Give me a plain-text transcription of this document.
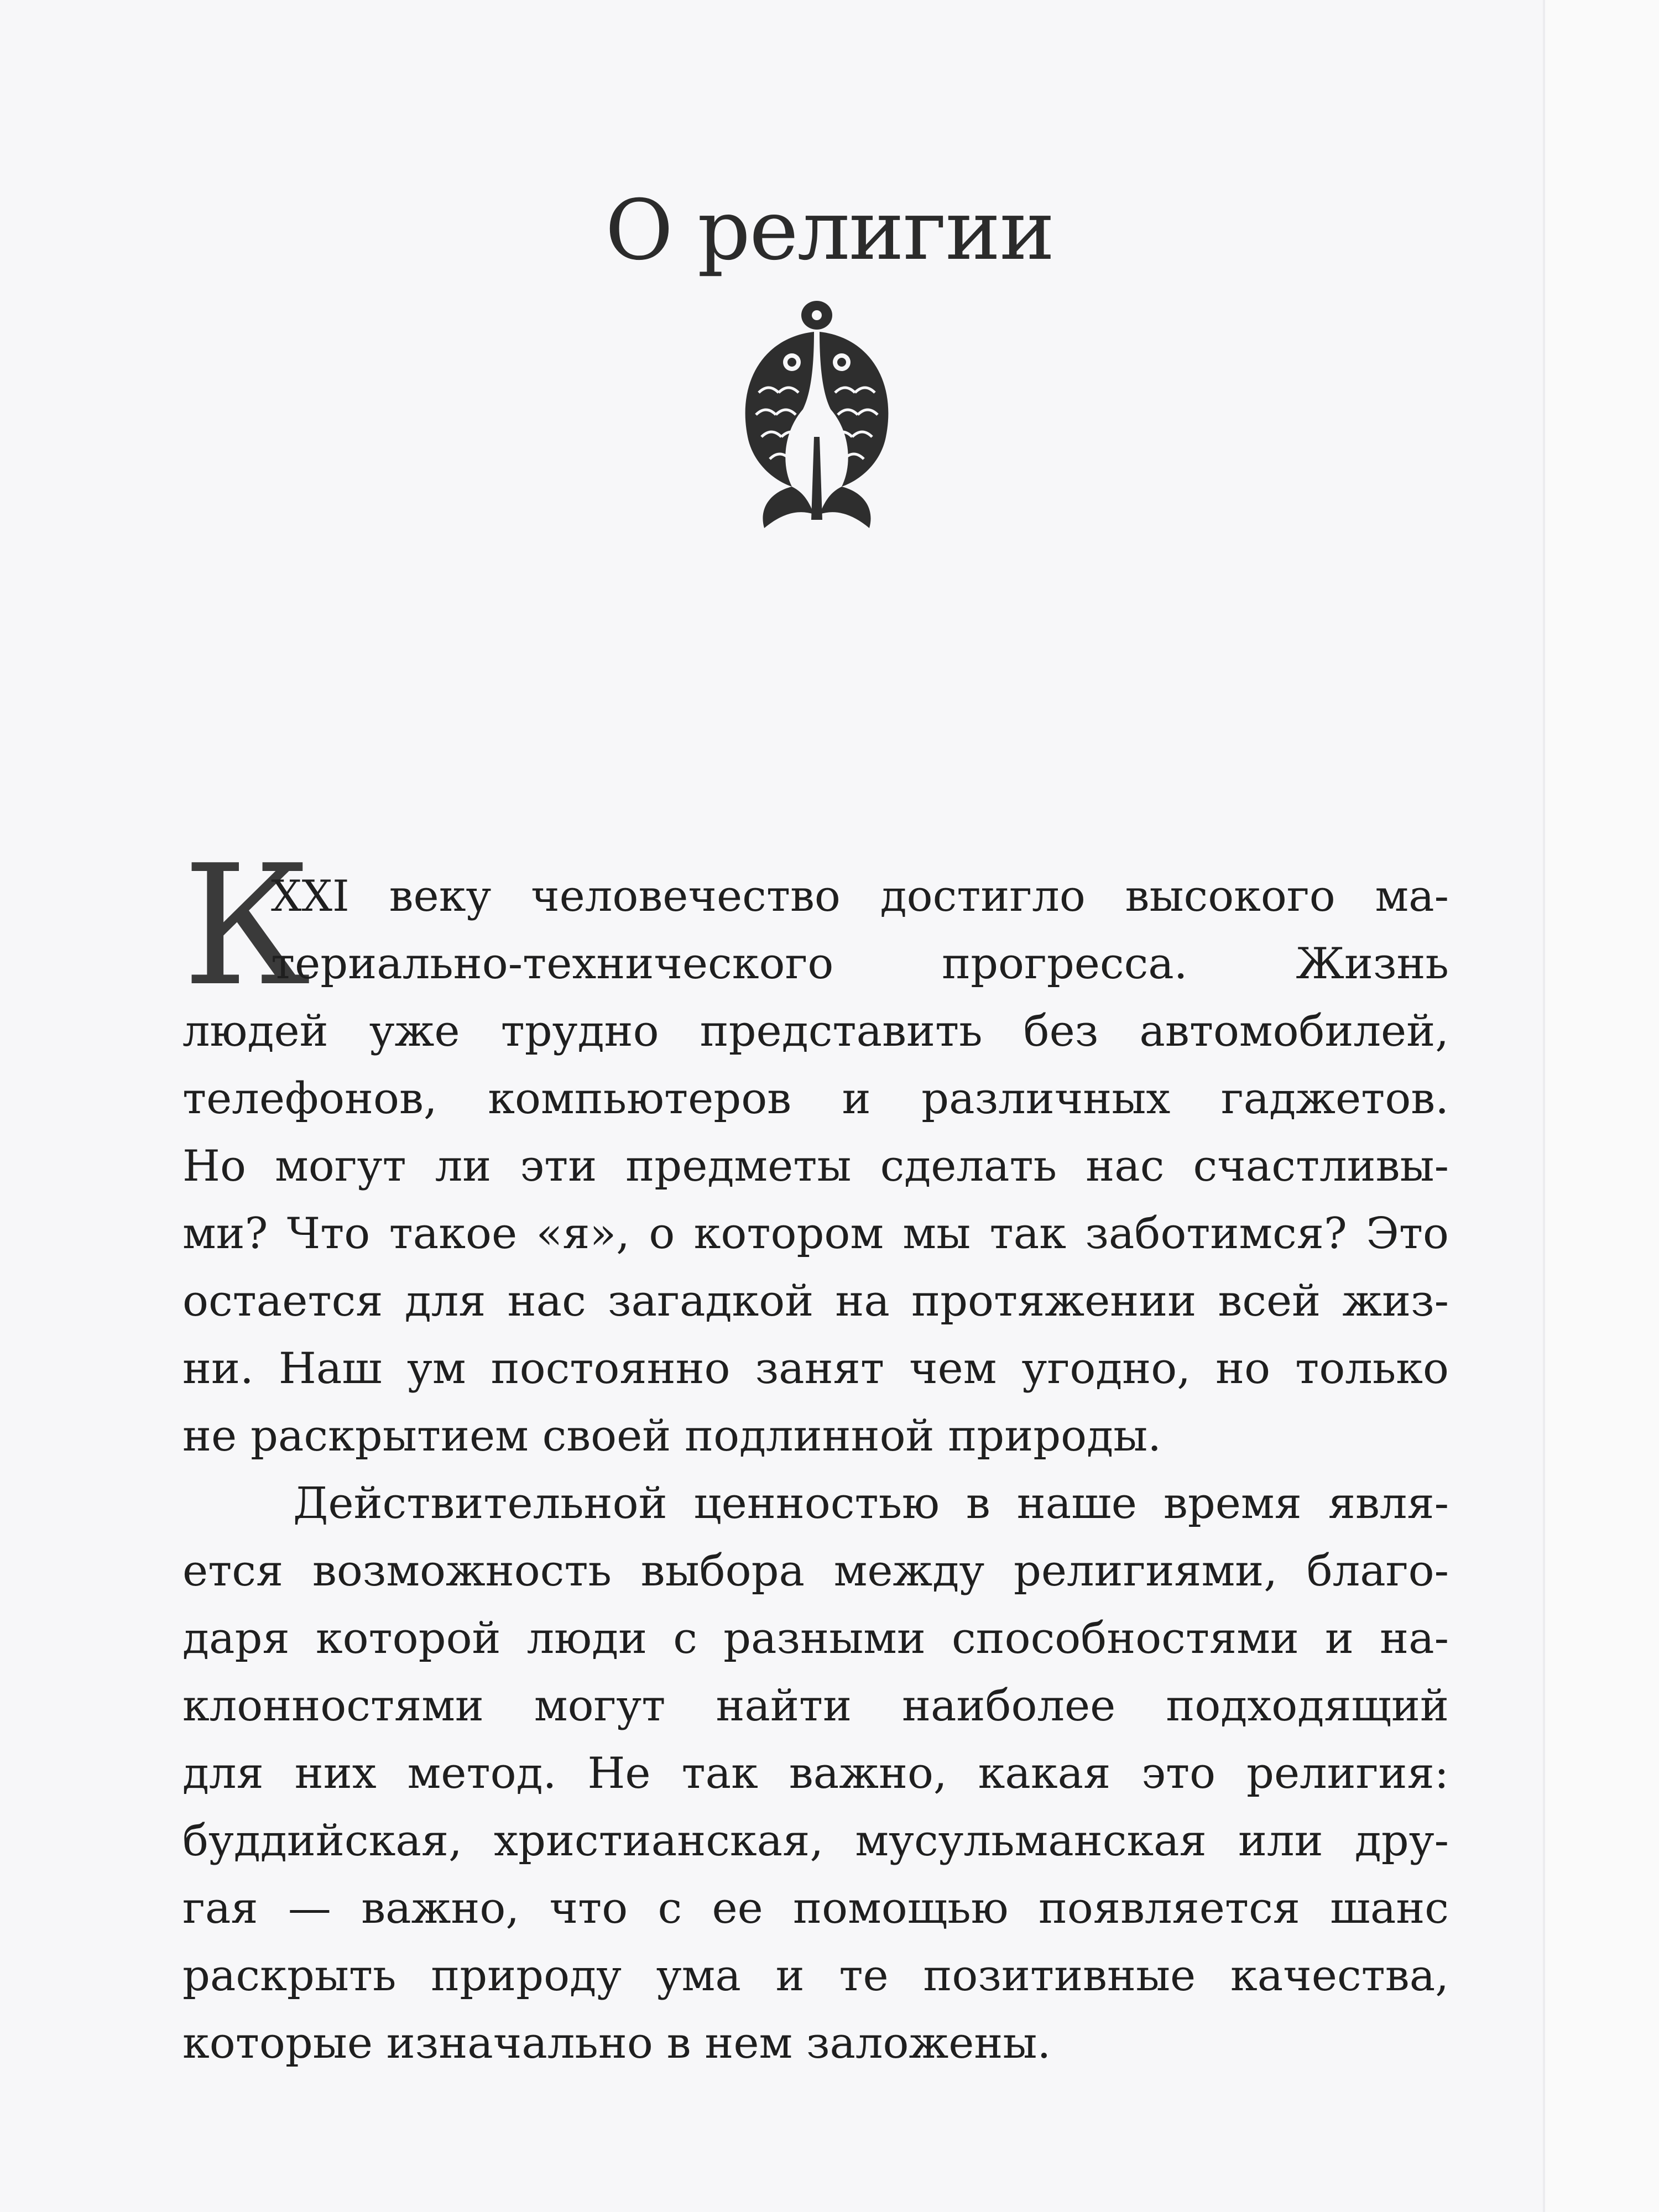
О религии
К
XXI веку человечество достигло высокого ма-
териально-технического прогресса. Жизнь
людей уже трудно представить без автомобилей,
телефонов, компьютеров и различных гаджетов.
Но могут ли эти предметы сделать нас счастливы-
ми? Что такое «я», о котором мы так заботимся? Это
остается для нас загадкой на протяжении всей жиз-
ни. Наш ум постоянно занят чем угодно, но только
не раскрытием своей подлинной природы.
Действительной ценностью в наше время явля-
ется возможность выбора между религиями, благо-
даря которой люди с разными способностями и на-
клонностями могут найти наиболее подходящий
для них метод. Не так важно, какая это религия:
буддийская, христианская, мусульманская или дру-
гая — важно, что с ее помощью появляется шанс
раскрыть природу ума и те позитивные качества,
которые изначально в нем заложены.
